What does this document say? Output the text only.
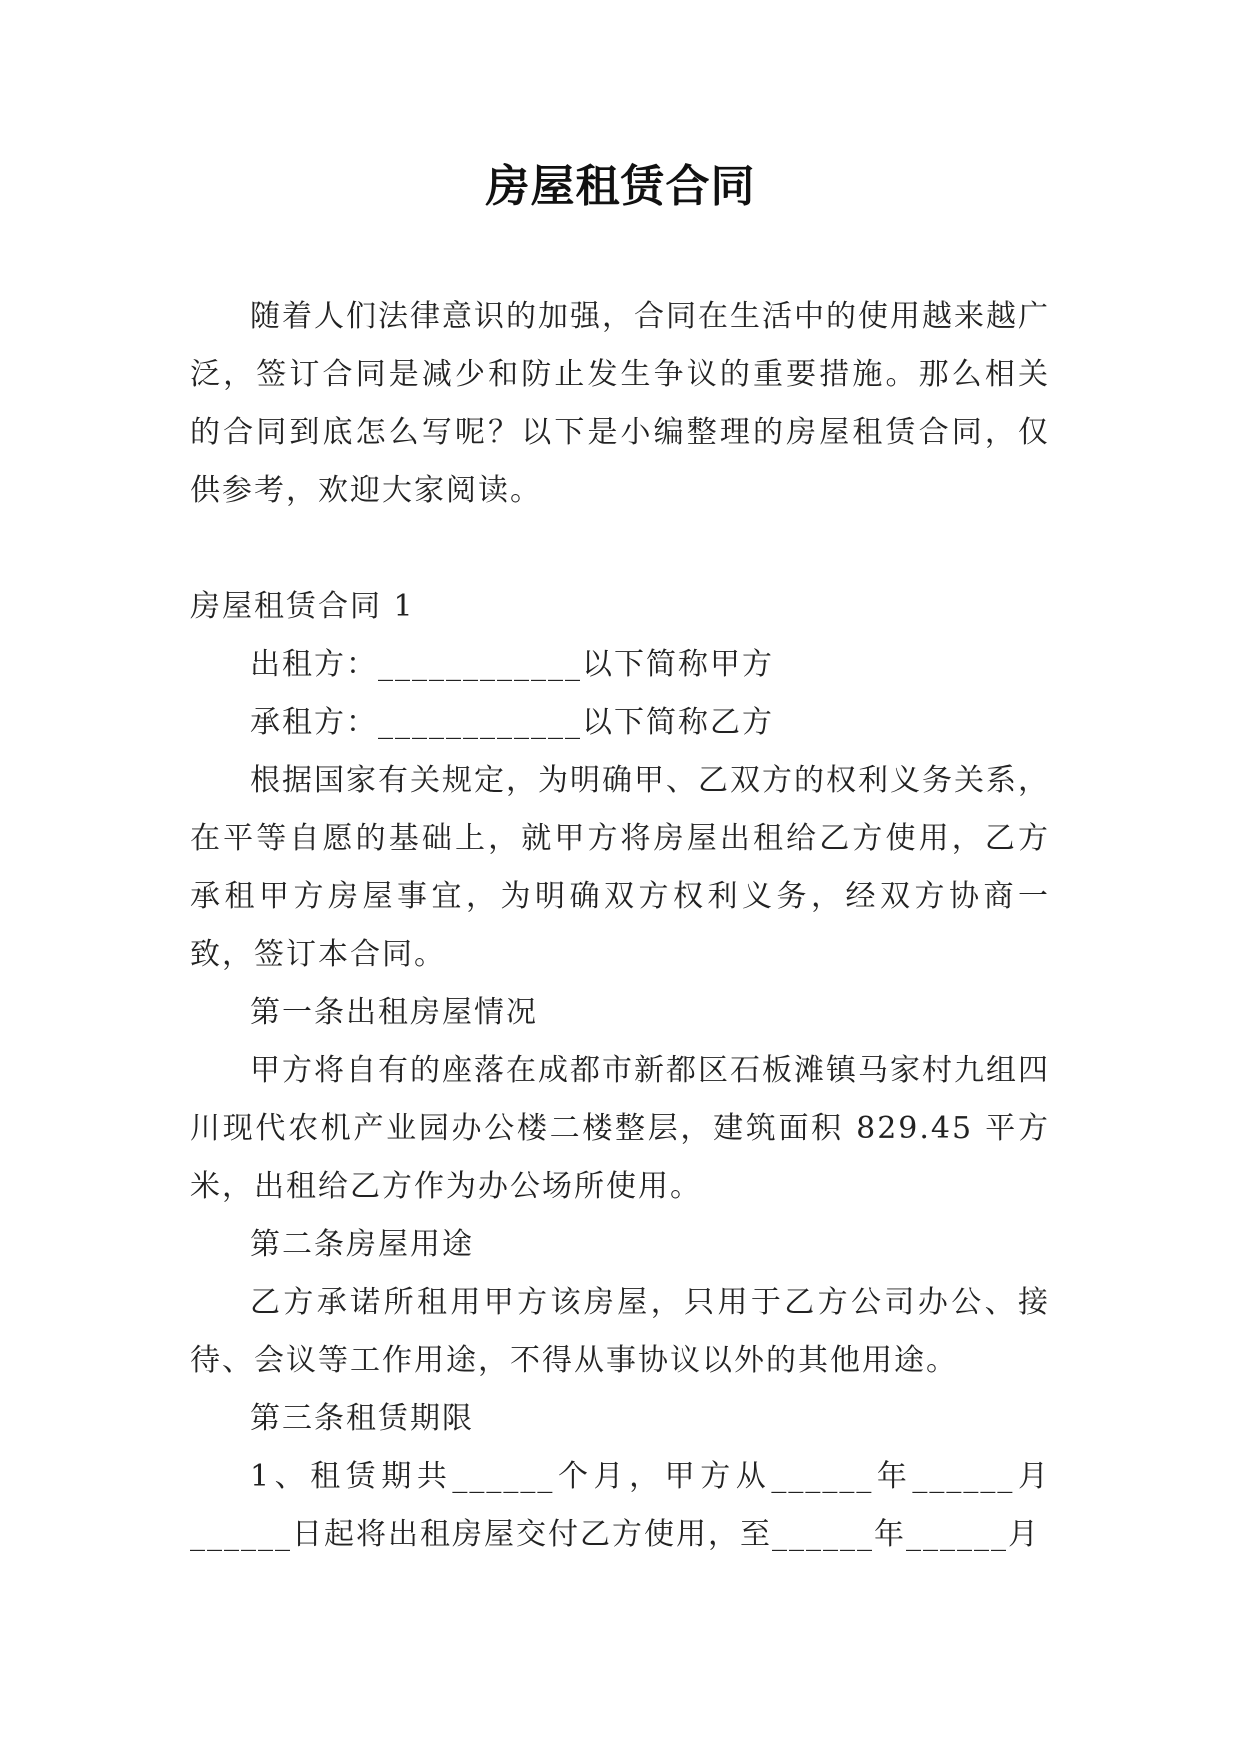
房屋租赁合同

随着人们法律意识的加强，合同在生活中的使用越来越广泛，签订合同是减少和防止发生争议的重要措施。那么相关的合同到底怎么写呢？以下是小编整理的房屋租赁合同，仅供参考，欢迎大家阅读。

房屋租赁合同 1

出租方：____________以下简称甲方

承租方：____________以下简称乙方

根据国家有关规定，为明确甲、乙双方的权利义务关系，在平等自愿的基础上，就甲方将房屋出租给乙方使用，乙方承租甲方房屋事宜，为明确双方权利义务，经双方协商一致，签订本合同。

第一条出租房屋情况

甲方将自有的座落在成都市新都区石板滩镇马家村九组四川现代农机产业园办公楼二楼整层，建筑面积 829.45 平方米，出租给乙方作为办公场所使用。

第二条房屋用途

乙方承诺所租用甲方该房屋，只用于乙方公司办公、接待、会议等工作用途，不得从事协议以外的其他用途。

第三条租赁期限

1、租赁期共______个月，甲方从______年______月______日起将出租房屋交付乙方使用，至______年______月
